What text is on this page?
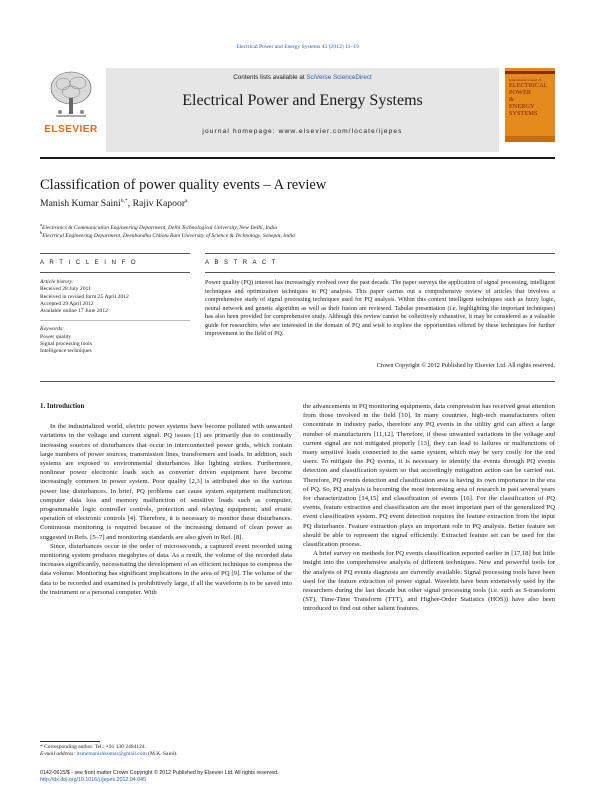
Electrical Power and Energy Systems 43 (2012) 11–19
ELSEVIER
Contents lists available at SciVerse ScienceDirect
Electrical Power and Energy Systems
journal homepage: www.elsevier.com/locate/ijepes
International Journal of
ELECTRICAL
POWER
&
ENERGY
SYSTEMS
Classification of power quality events – A review
Manish Kumar Saini$^{b,*}$, Rajiv Kapoor$^a$
$^a$Electronics & Communication Engineering Department, Delhi Technological University, New Delhi, India
$^b$Electrical Engineering Department, Deenbandhu Chhotu Ram University of Science & Technology, Sonepat, India
A R T I C L E I N F O	A B S T R A C T
Article history:
Received 28 July 2011
Received in revised form 25 April 2012
Accepted 29 April 2012
Available online 17 June 2012
Keywords:
Power quality
Signal processing tools
Intelligence techniques
Power quality (PQ) interest has increasingly evolved over the past decade. The paper surveys the application of signal processing, intelligent techniques and optimization techniques in PQ analysis. This paper carries out a comprehensive review of articles that involves a comprehensive study of signal processing techniques used for PQ analysis. Within this context intelligent techniques such as fuzzy logic, neural network and genetic algorithm as well as their fusion are reviewed. Tabular presentation (i.e. highlighting the important techniques) has also been provided for comprehensive study. Although this review cannot be collectively exhaustive, it may be considered as a valuable guide for researchers who are interested in the domain of PQ and wish to explore the opportunities offered by these techniques for further improvement in the field of PQ.
Crown Copyright © 2012 Published by Elsevier Ltd. All rights reserved.
1. Introduction

In the industrialized world, electric power systems have become polluted with unwanted variations in the voltage and current signal. PQ issues [1] are primarily due to continually increasing sources of disturbances that occur in interconnected power grids, which contain large numbers of power sources, transmission lines, transformers and loads. In addition, such systems are exposed to environmental disturbances like lighting strikes. Furthermore, nonlinear power electronic loads such as converter driven equipment have become increasingly common in power system. Poor quality [2,3] is attributed due to the various power line disturbances. In brief, PQ problems can cause system equipment malfunction; computer data loss and memory malfunction of sensitive loads such as computer, programmable logic controller controls, protection and relaying equipment; and erratic operation of electronic controls [4]. Therefore, it is necessary to monitor these disturbances. Continuous monitoring is required because of the increasing demand of clean power as suggested in Refs. [5–7] and monitoring standards are also given in Ref. [8].

Since, disturbances occur in the order of microseconds, a captured event recorded using monitoring system produces megabytes of data. As a result, the volume of the recorded data increases significantly, necessitating the development of an efficient technique to compress the data volume. Monitoring has significant implications in the area of PQ [9]. The volume of the data to be recorded and examined is prohibitively large, if all the waveform is to be saved into the instrument or a personal computer. With

the advancements in PQ monitoring equipments, data compression has received great attention from those involved in the field [10]. In many countries, high-tech manufacturers often concentrate in industry parks, therefore any PQ events in the utility grid can affect a large number of manufacturers [11,12]. Therefore, if these unwanted variations in the voltage and current signal are not mitigated properly [13], they can lead to failures or malfunctions of many sensitive loads connected to the same system, which may be very costly for the end users. To mitigate the PQ events, it is necessary to identify the events through PQ events detection and classification system so that accordingly mitigation action can be carried out. Therefore, PQ events detection and classification area is having its own importance in the era of PQ. So, PQ analysis is becoming the most interesting area of research in past several years for characterization [14,15] and classification of events [16]. For the classification of PQ events, feature extraction and classification are the most important part of the generalized PQ event classification system. PQ event detection requires the feature extraction from the input PQ disturbance. Feature extraction plays an important role in PQ analysis. Better feature set should be able to represent the signal efficiently. Extracted feature set can be used for the classification process.

A brief survey on methods for PQ events classification reported earlier in [17,18] but little insight into the comprehensive analysis of different techniques. New and powerful tools for the analysis of PQ events diagnosis are currently available. Signal processing tools have been used for the feature extraction of power signal. Wavelets have been extensively used by the researchers during the last decade but other signal processing tools (i.e. such as S-transform (ST), Time-Time Transform (TTT), and Higher-Order Statistics (HOS)) have also been introduced to find out other salient features.

* Corresponding author. Tel.: +91 130 2484124.
E-mail address: itsmemanishkumar@gmail.com (M.K. Saini).
0142-0615/$ - see front matter Crown Copyright © 2012 Published by Elsevier Ltd. All rights reserved.
http://dx.doi.org/10.1016/j.ijepes.2012.04.045
